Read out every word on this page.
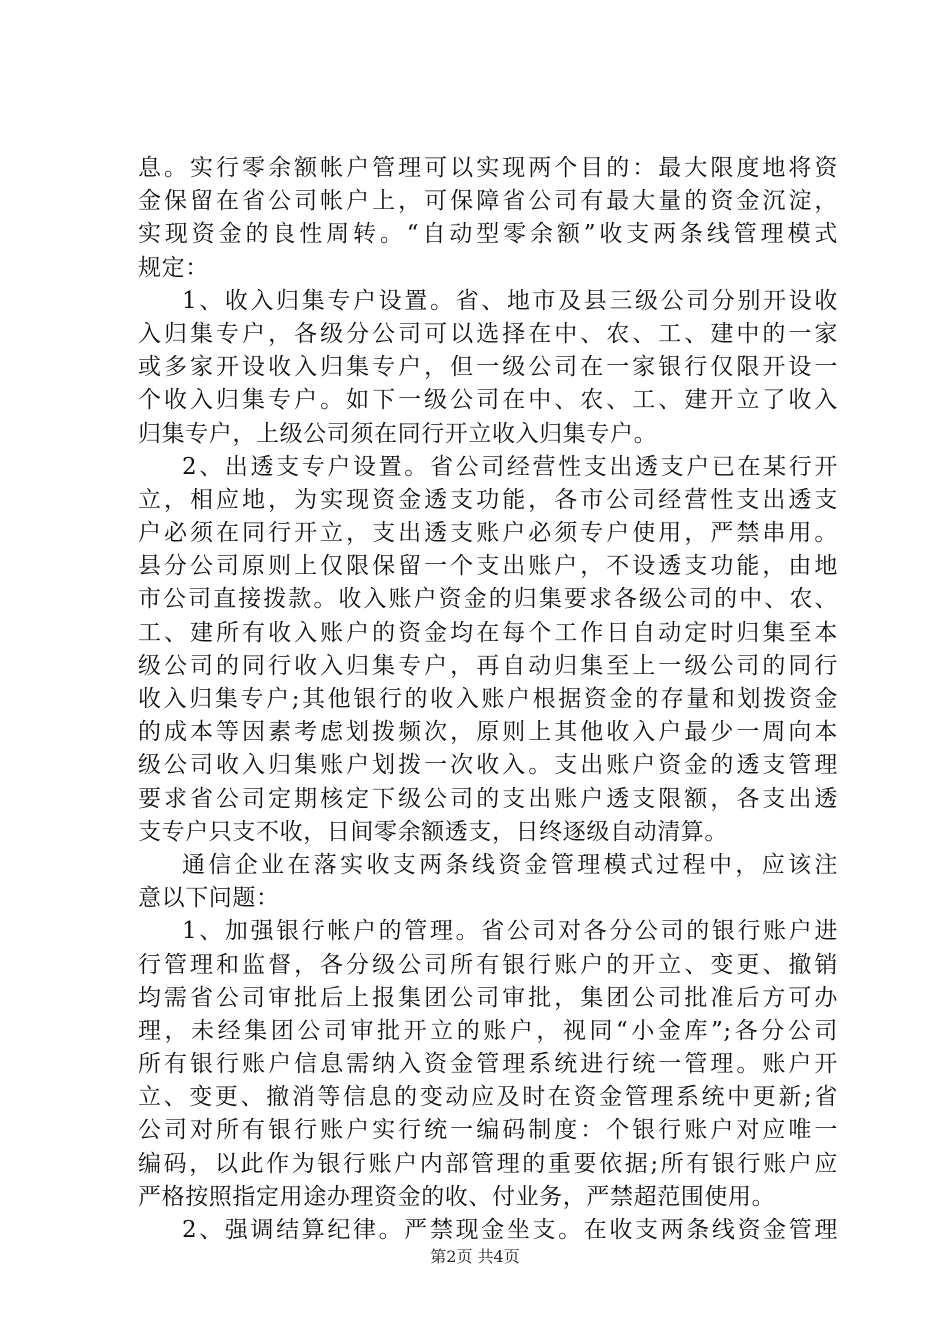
息。实行零余额帐户管理可以实现两个目的：最大限度地将资
金保留在省公司帐户上，可保障省公司有最大量的资金沉淀，
实现资金的良性周转。“自动型零余额”收支两条线管理模式
规定：
1、收入归集专户设置。省、地市及县三级公司分别开设收
入归集专户，各级分公司可以选择在中、农、工、建中的一家
或多家开设收入归集专户，但一级公司在一家银行仅限开设一
个收入归集专户。如下一级公司在中、农、工、建开立了收入
归集专户，上级公司须在同行开立收入归集专户。
2、出透支专户设置。省公司经营性支出透支户已在某行开
立，相应地，为实现资金透支功能，各市公司经营性支出透支
户必须在同行开立，支出透支账户必须专户使用，严禁串用。
县分公司原则上仅限保留一个支出账户，不设透支功能，由地
市公司直接拨款。收入账户资金的归集要求各级公司的中、农、
工、建所有收入账户的资金均在每个工作日自动定时归集至本
级公司的同行收入归集专户，再自动归集至上一级公司的同行
收入归集专户;其他银行的收入账户根据资金的存量和划拨资金
的成本等因素考虑划拨频次，原则上其他收入户最少一周向本
级公司收入归集账户划拨一次收入。支出账户资金的透支管理
要求省公司定期核定下级公司的支出账户透支限额，各支出透
支专户只支不收，日间零余额透支，日终逐级自动清算。
通信企业在落实收支两条线资金管理模式过程中，应该注
意以下问题：
1、加强银行帐户的管理。省公司对各分公司的银行账户进
行管理和监督，各分级公司所有银行账户的开立、变更、撤销
均需省公司审批后上报集团公司审批，集团公司批准后方可办
理，未经集团公司审批开立的账户，视同“小金库”;各分公司
所有银行账户信息需纳入资金管理系统进行统一管理。账户开
立、变更、撤消等信息的变动应及时在资金管理系统中更新;省
公司对所有银行账户实行统一编码制度：个银行账户对应唯一
编码，以此作为银行账户内部管理的重要依据;所有银行账户应
严格按照指定用途办理资金的收、付业务，严禁超范围使用。
2、强调结算纪律。严禁现金坐支。在收支两条线资金管理
第2页 共4页
